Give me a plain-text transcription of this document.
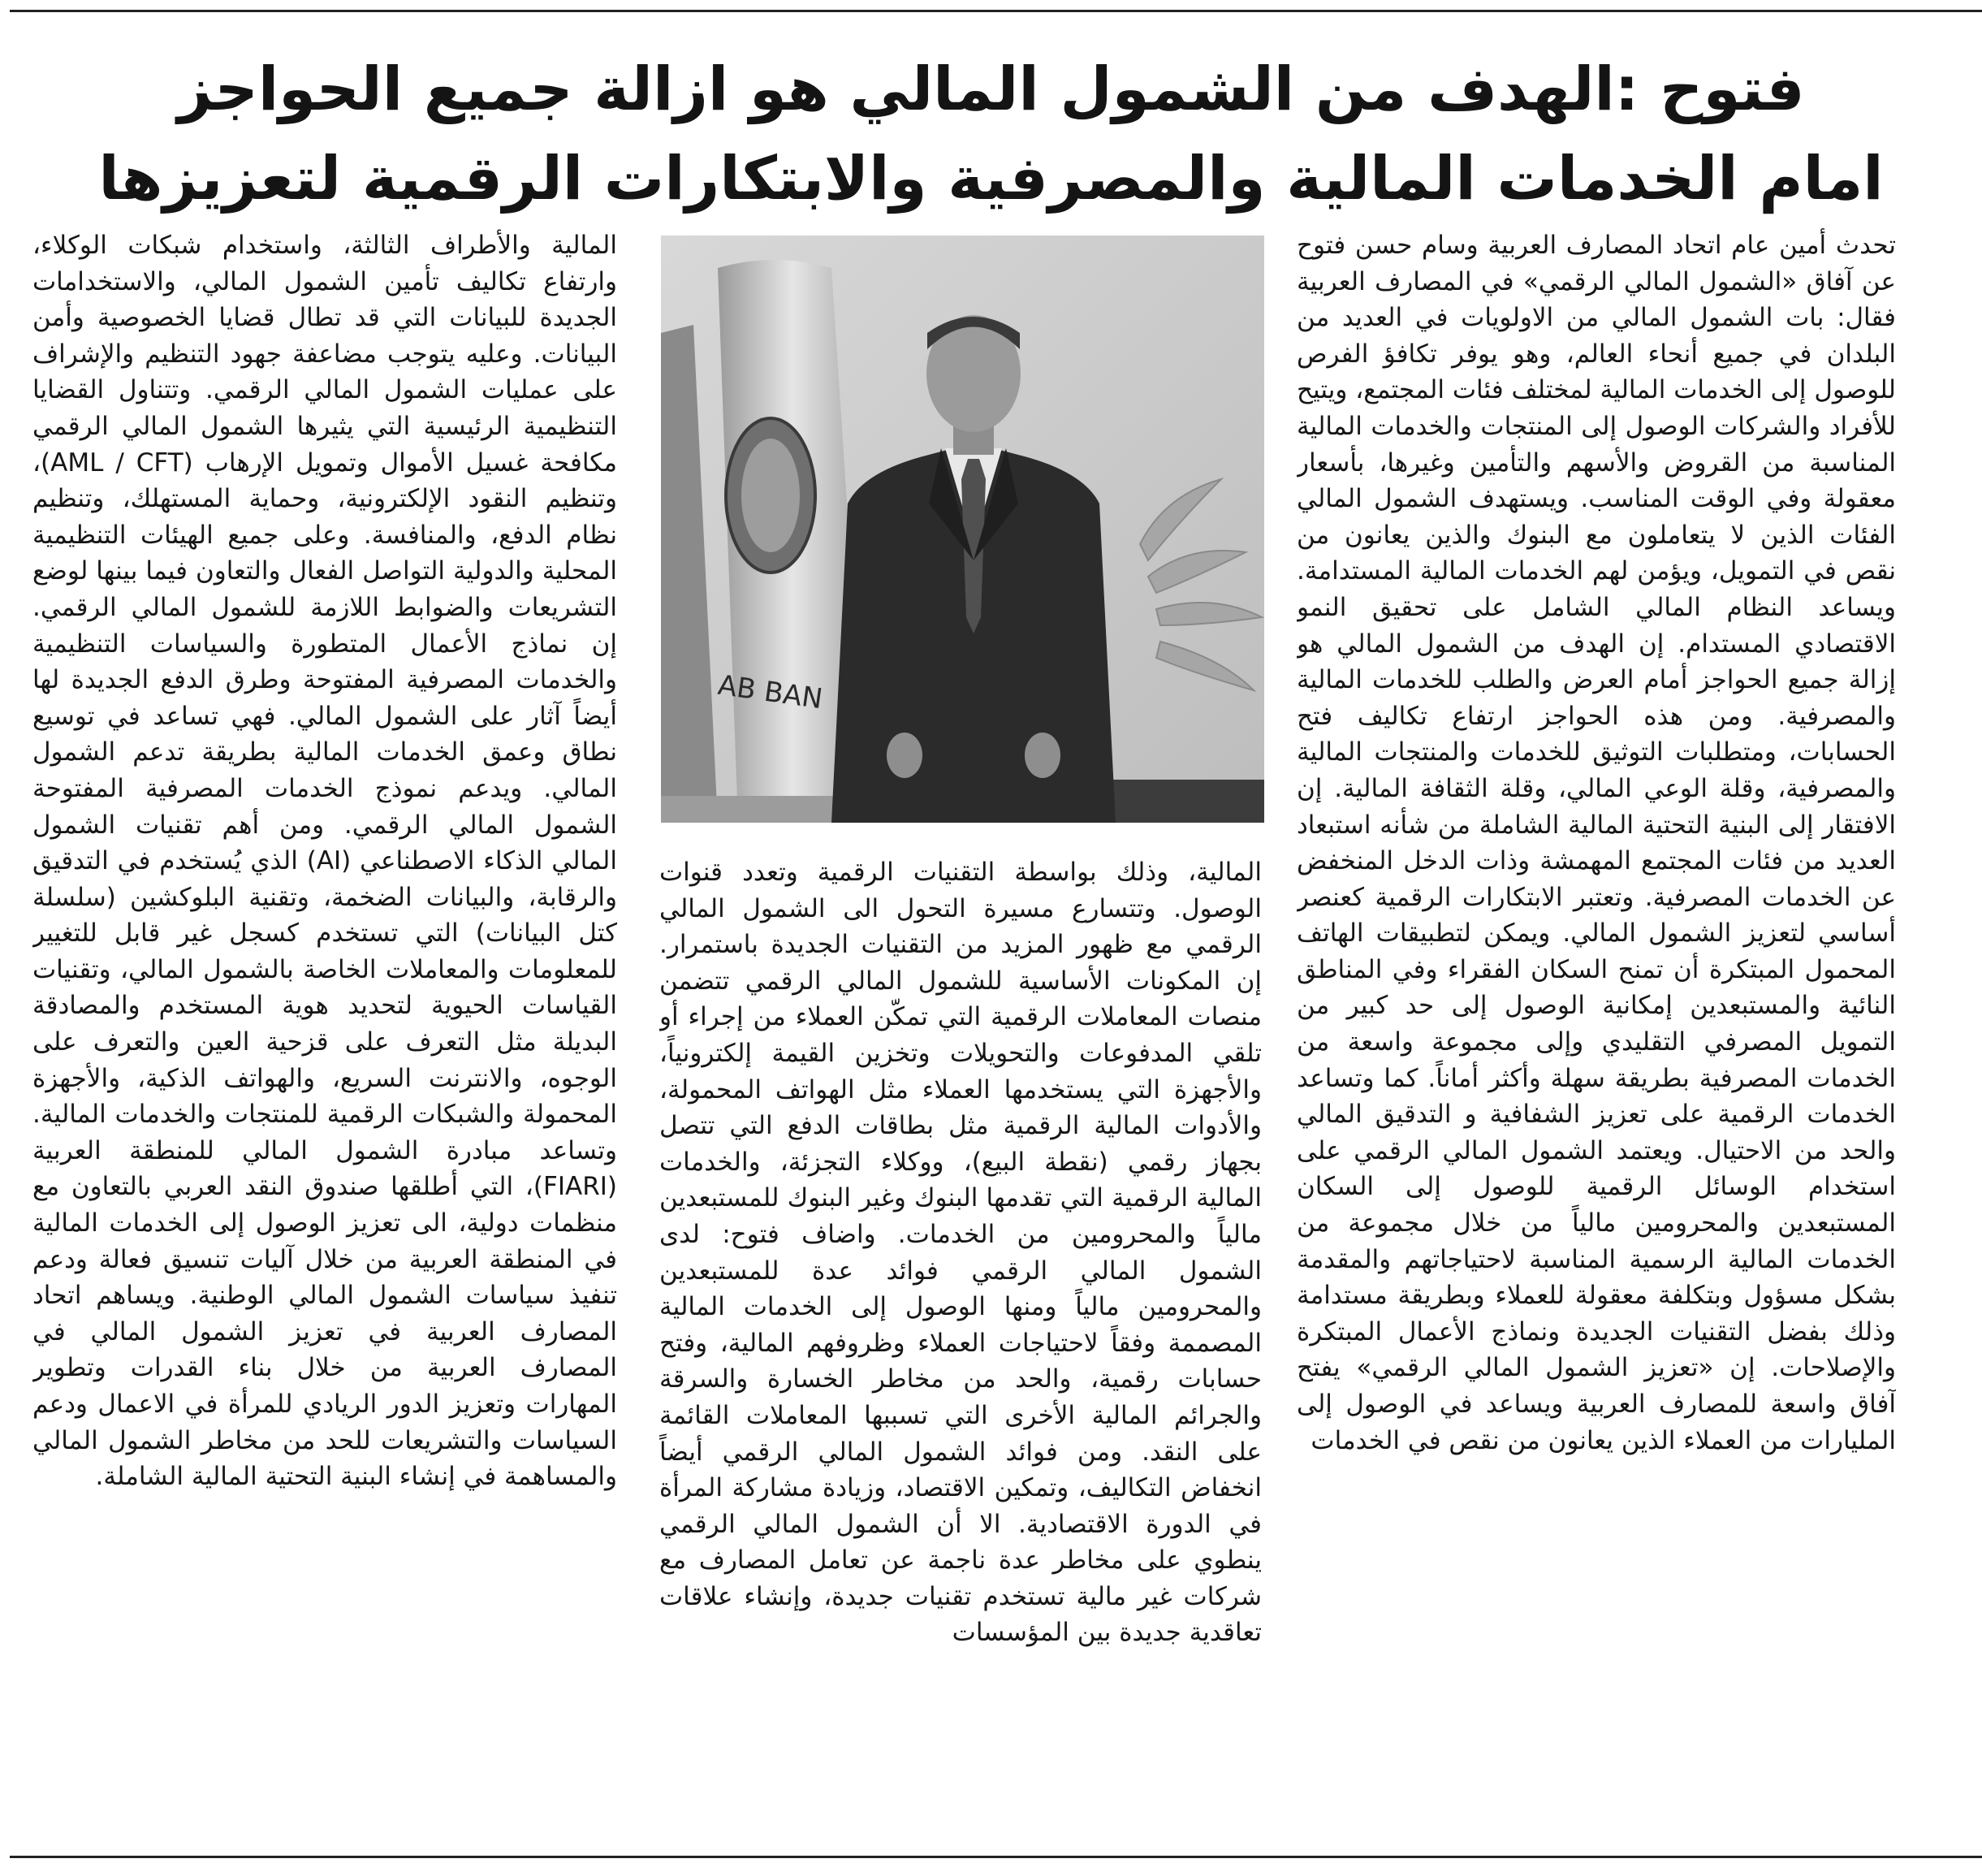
فتوح :الهدف من الشمول المالي هو ازالة جميع الحواجز
امام الخدمات المالية والمصرفية والابتكارات الرقمية لتعزيزها

تحدث أمين عام اتحاد المصارف العربية وسام حسن فتوح عن آفاق «الشمول المالي الرقمي» في المصارف العربية فقال: بات الشمول المالي من الاولويات في العديد من البلدان في جميع أنحاء العالم، وهو يوفر تكافؤ الفرص للوصول إلى الخدمات المالية لمختلف فئات المجتمع، ويتيح للأفراد والشركات الوصول إلى المنتجات والخدمات المالية المناسبة من القروض والأسهم والتأمين وغيرها، بأسعار معقولة وفي الوقت المناسب. ويستهدف الشمول المالي الفئات الذين لا يتعاملون مع البنوك والذين يعانون من نقص في التمويل، ويؤمن لهم الخدمات المالية المستدامة. ويساعد النظام المالي الشامل على تحقيق النمو الاقتصادي المستدام. إن الهدف من الشمول المالي هو إزالة جميع الحواجز أمام العرض والطلب للخدمات المالية والمصرفية. ومن هذه الحواجز ارتفاع تكاليف فتح الحسابات، ومتطلبات التوثيق للخدمات والمنتجات المالية والمصرفية، وقلة الوعي المالي، وقلة الثقافة المالية. إن الافتقار إلى البنية التحتية المالية الشاملة من شأنه استبعاد العديد من فئات المجتمع المهمشة وذات الدخل المنخفض عن الخدمات المصرفية. وتعتبر الابتكارات الرقمية كعنصر أساسي لتعزيز الشمول المالي. ويمكن لتطبيقات الهاتف المحمول المبتكرة أن تمنح السكان الفقراء وفي المناطق النائية والمستبعدين إمكانية الوصول إلى حد كبير من التمويل المصرفي التقليدي وإلى مجموعة واسعة من الخدمات المصرفية بطريقة سهلة وأكثر أماناً. كما وتساعد الخدمات الرقمية على تعزيز الشفافية و التدقيق المالي والحد من الاحتيال. ويعتمد الشمول المالي الرقمي على استخدام الوسائل الرقمية للوصول إلى السكان المستبعدين والمحرومين مالياً من خلال مجموعة من الخدمات المالية الرسمية المناسبة لاحتياجاتهم والمقدمة بشكل مسؤول وبتكلفة معقولة للعملاء وبطريقة مستدامة وذلك بفضل التقنيات الجديدة ونماذج الأعمال المبتكرة والإصلاحات. إن «تعزيز الشمول المالي الرقمي» يفتح آفاق واسعة للمصارف العربية ويساعد في الوصول إلى المليارات من العملاء الذين يعانون من نقص في الخدمات

AB BAN

المالية، وذلك بواسطة التقنيات الرقمية وتعدد قنوات الوصول. وتتسارع مسيرة التحول الى الشمول المالي الرقمي مع ظهور المزيد من التقنيات الجديدة باستمرار. إن المكونات الأساسية للشمول المالي الرقمي تتضمن منصات المعاملات الرقمية التي تمكّن العملاء من إجراء أو تلقي المدفوعات والتحويلات وتخزين القيمة إلكترونياً، والأجهزة التي يستخدمها العملاء مثل الهواتف المحمولة، والأدوات المالية الرقمية مثل بطاقات الدفع التي تتصل بجهاز رقمي (نقطة البيع)، ووكلاء التجزئة، والخدمات المالية الرقمية التي تقدمها البنوك وغير البنوك للمستبعدين مالياً والمحرومين من الخدمات. واضاف فتوح: لدى الشمول المالي الرقمي فوائد عدة للمستبعدين والمحرومين مالياً ومنها الوصول إلى الخدمات المالية المصممة وفقاً لاحتياجات العملاء وظروفهم المالية، وفتح حسابات رقمية، والحد من مخاطر الخسارة والسرقة والجرائم المالية الأخرى التي تسببها المعاملات القائمة على النقد. ومن فوائد الشمول المالي الرقمي أيضاً انخفاض التكاليف، وتمكين الاقتصاد، وزيادة مشاركة المرأة في الدورة الاقتصادية. الا أن الشمول المالي الرقمي ينطوي على مخاطر عدة ناجمة عن تعامل المصارف مع شركات غير مالية تستخدم تقنيات جديدة، وإنشاء علاقات تعاقدية جديدة بين المؤسسات

المالية والأطراف الثالثة، واستخدام شبكات الوكلاء، وارتفاع تكاليف تأمين الشمول المالي، والاستخدامات الجديدة للبيانات التي قد تطال قضايا الخصوصية وأمن البيانات. وعليه يتوجب مضاعفة جهود التنظيم والإشراف على عمليات الشمول المالي الرقمي. وتتناول القضايا التنظيمية الرئيسية التي يثيرها الشمول المالي الرقمي مكافحة غسيل الأموال وتمويل الإرهاب (AML / CFT)، وتنظيم النقود الإلكترونية، وحماية المستهلك، وتنظيم نظام الدفع، والمنافسة. وعلى جميع الهيئات التنظيمية المحلية والدولية التواصل الفعال والتعاون فيما بينها لوضع التشريعات والضوابط اللازمة للشمول المالي الرقمي. إن نماذج الأعمال المتطورة والسياسات التنظيمية والخدمات المصرفية المفتوحة وطرق الدفع الجديدة لها أيضاً آثار على الشمول المالي. فهي تساعد في توسيع نطاق وعمق الخدمات المالية بطريقة تدعم الشمول المالي. ويدعم نموذج الخدمات المصرفية المفتوحة الشمول المالي الرقمي. ومن أهم تقنيات الشمول المالي الذكاء الاصطناعي (AI) الذي يُستخدم في التدقيق والرقابة، والبيانات الضخمة، وتقنية البلوكشين (سلسلة كتل البيانات) التي تستخدم كسجل غير قابل للتغيير للمعلومات والمعاملات الخاصة بالشمول المالي، وتقنيات القياسات الحيوية لتحديد هوية المستخدم والمصادقة البديلة مثل التعرف على قزحية العين والتعرف على الوجوه، والانترنت السريع، والهواتف الذكية، والأجهزة المحمولة والشبكات الرقمية للمنتجات والخدمات المالية. وتساعد مبادرة الشمول المالي للمنطقة العربية (FIARI)، التي أطلقها صندوق النقد العربي بالتعاون مع منظمات دولية، الى تعزيز الوصول إلى الخدمات المالية في المنطقة العربية من خلال آليات تنسيق فعالة ودعم تنفيذ سياسات الشمول المالي الوطنية. ويساهم اتحاد المصارف العربية في تعزيز الشمول المالي في المصارف العربية من خلال بناء القدرات وتطوير المهارات وتعزيز الدور الريادي للمرأة في الاعمال ودعم السياسات والتشريعات للحد من مخاطر الشمول المالي والمساهمة في إنشاء البنية التحتية المالية الشاملة.
